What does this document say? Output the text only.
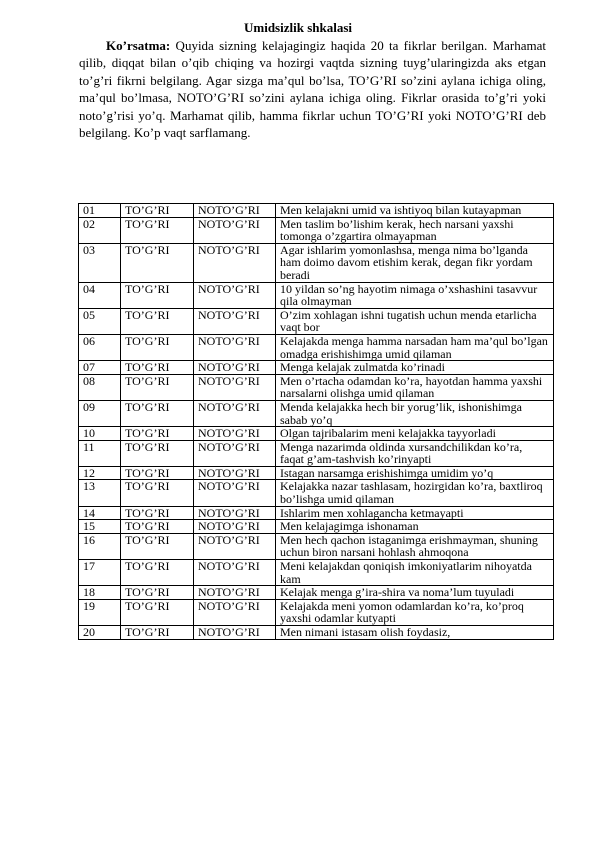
Umidsizlik shkalasi

Ko’rsatma: Quyida sizning kelajagingiz haqida 20 ta fikrlar berilgan. Marhamat qilib, diqqat bilan o’qib chiqing va hozirgi vaqtda sizning tuyg’ularingizda aks etgan to’g’ri fikrni belgilang. Agar sizga ma’qul bo’lsa, TO’G’RI so’zini aylana ichiga oling, ma’qul bo’lmasa, NOTO’G’RI so’zini aylana ichiga oling. Fikrlar orasida to’g’ri yoki noto’g’risi yo’q. Marhamat qilib, hamma fikrlar uchun TO’G’RI yoki NOTO’G’RI deb belgilang. Ko’p vaqt sarflamang.

01	TO’G’RI	NOTO’G’RI	Men kelajakni umid va ishtiyoq bilan kutayapman
02	TO’G’RI	NOTO’G’RI	Men taslim bo’lishim kerak, hech narsani yaxshi tomonga o’zgartira olmayapman
03	TO’G’RI	NOTO’G’RI	Agar ishlarim yomonlashsa, menga nima bo’lganda ham doimo davom etishim kerak, degan fikr yordam beradi
04	TO’G’RI	NOTO’G’RI	10 yildan so’ng hayotim nimaga o’xshashini tasavvur qila olmayman
05	TO’G’RI	NOTO’G’RI	O’zim xohlagan ishni tugatish uchun menda etarlicha vaqt bor
06	TO’G’RI	NOTO’G’RI	Kelajakda menga hamma narsadan ham ma’qul bo’lgan omadga erishishimga umid qilaman
07	TO’G’RI	NOTO’G’RI	Menga kelajak zulmatda ko’rinadi
08	TO’G’RI	NOTO’G’RI	Men o’rtacha odamdan ko’ra, hayotdan hamma yaxshi narsalarni olishga umid qilaman
09	TO’G’RI	NOTO’G’RI	Menda kelajakka hech bir yorug’lik, ishonishimga sabab yo’q
10	TO’G’RI	NOTO’G’RI	Olgan tajribalarim meni kelajakka tayyorladi
11	TO’G’RI	NOTO’G’RI	Menga nazarimda oldinda xursandchilikdan ko’ra, faqat g’am-tashvish ko’rinyapti
12	TO’G’RI	NOTO’G’RI	Istagan narsamga erishishimga umidim yo’q
13	TO’G’RI	NOTO’G’RI	Kelajakka nazar tashlasam, hozirgidan ko’ra, baxtliroq bo’lishga umid qilaman
14	TO’G’RI	NOTO’G’RI	Ishlarim men xohlagancha ketmayapti
15	TO’G’RI	NOTO’G’RI	Men kelajagimga ishonaman
16	TO’G’RI	NOTO’G’RI	Men hech qachon istaganimga erishmayman, shuning uchun biron narsani hohlash ahmoqona
17	TO’G’RI	NOTO’G’RI	Meni kelajakdan qoniqish imkoniyatlarim nihoyatda kam
18	TO’G’RI	NOTO’G’RI	Kelajak menga g’ira-shira va noma’lum tuyuladi
19	TO’G’RI	NOTO’G’RI	Kelajakda meni yomon odamlardan ko’ra, ko’proq yaxshi odamlar kutyapti
20	TO’G’RI	NOTO’G’RI	Men nimani istasam olish foydasiz,
